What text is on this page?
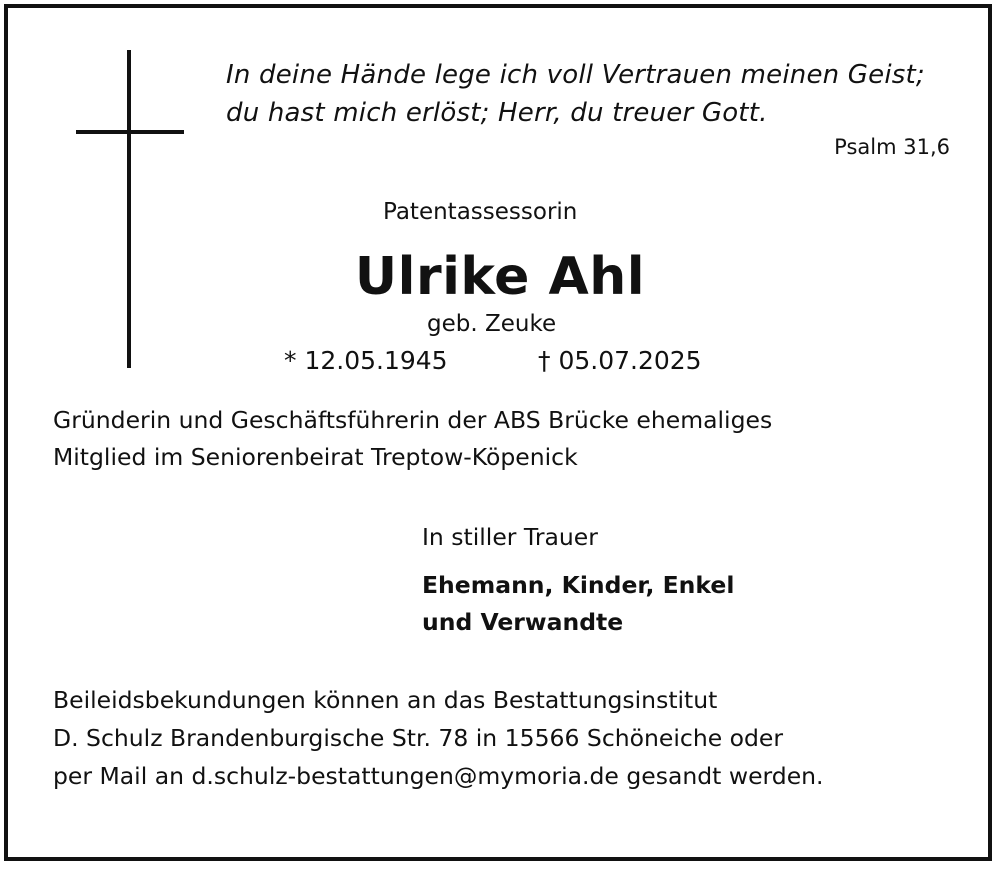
In deine Hände lege ich voll Vertrauen meinen Geist;
du hast mich erlöst; Herr, du treuer Gott.
Psalm 31,6
Patentassessorin
Ulrike Ahl
geb. Zeuke
* 12.05.1945	† 05.07.2025
Gründerin und Geschäftsführerin der ABS Brücke ehemaliges
Mitglied im Seniorenbeirat Treptow-Köpenick
In stiller Trauer
Ehemann, Kinder, Enkel
und Verwandte
Beileidsbekundungen können an das Bestattungsinstitut
D. Schulz Brandenburgische Str. 78 in 15566 Schöneiche oder
per Mail an d.schulz-bestattungen@mymoria.de gesandt werden.
